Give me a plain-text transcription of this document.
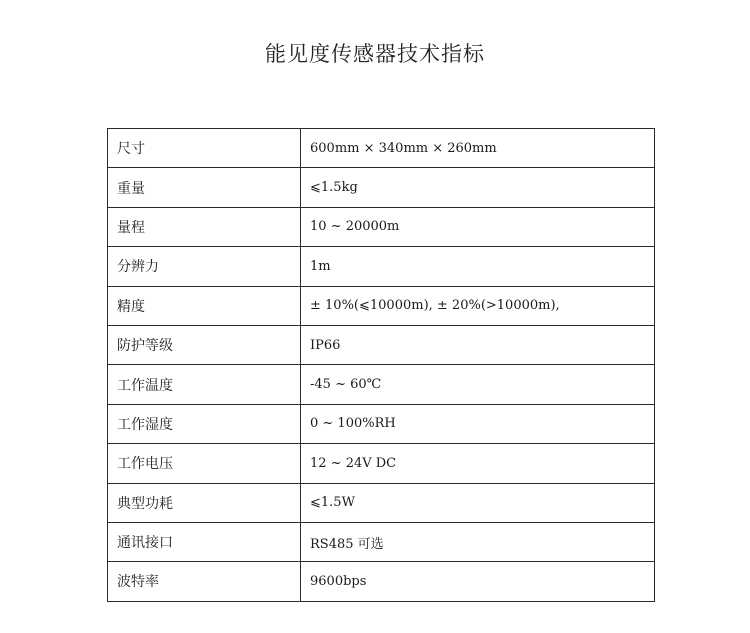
能见度传感器技术指标
尺寸	600mm × 340mm × 260mm
重量	⩽1.5kg
量程	10 ~ 20000m
分辨力	1m
精度	± 10%(⩽10000m), ± 20%(>10000m),
防护等级	IP66
工作温度	-45 ~ 60℃
工作湿度	0 ~ 100%RH
工作电压	12 ~ 24V DC
典型功耗	⩽1.5W
通讯接口	RS485 可选
波特率	9600bps
